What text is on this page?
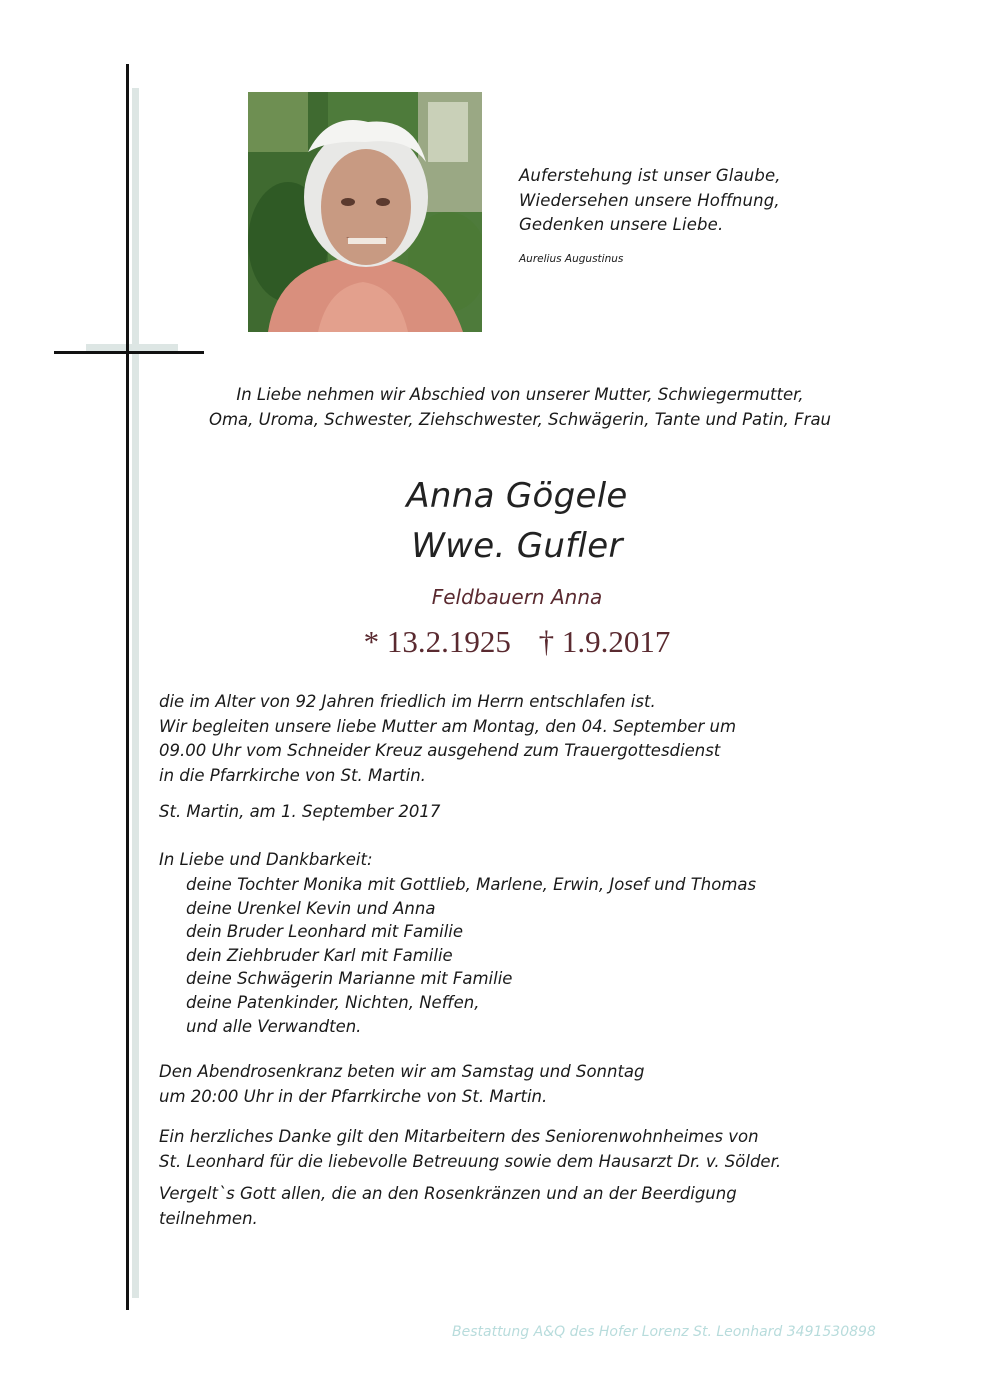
Auferstehung ist unser Glaube,
Wiedersehen unsere Hoffnung,
Gedenken unsere Liebe.
Aurelius Augustinus
In Liebe nehmen wir Abschied von unserer Mutter, Schwiegermutter,
Oma, Uroma, Schwester, Ziehschwester, Schwägerin, Tante und Patin, Frau
Anna Gögele
Wwe. Gufler
Feldbauern Anna
* 13.2.1925 † 1.9.2017
die im Alter von 92 Jahren friedlich im Herrn entschlafen ist.
Wir begleiten unsere liebe Mutter am Montag, den 04. September um
09.00 Uhr vom Schneider Kreuz ausgehend zum Trauergottesdienst
in die Pfarrkirche von St. Martin.
St. Martin, am 1. September 2017
In Liebe und Dankbarkeit:
deine Tochter Monika mit Gottlieb, Marlene, Erwin, Josef und Thomas
deine Urenkel Kevin und Anna
dein Bruder Leonhard mit Familie
dein Ziehbruder Karl mit Familie
deine Schwägerin Marianne mit Familie
deine Patenkinder, Nichten, Neffen,
und alle Verwandten.
Den Abendrosenkranz beten wir am Samstag und Sonntag
um 20:00 Uhr in der Pfarrkirche von St. Martin.
Ein herzliches Danke gilt den Mitarbeitern des Seniorenwohnheimes von
St. Leonhard für die liebevolle Betreuung sowie dem Hausarzt Dr. v. Sölder.
Vergelt`s Gott allen, die an den Rosenkränzen und an der Beerdigung
teilnehmen.
Bestattung A&Q des Hofer Lorenz St. Leonhard 3491530898
